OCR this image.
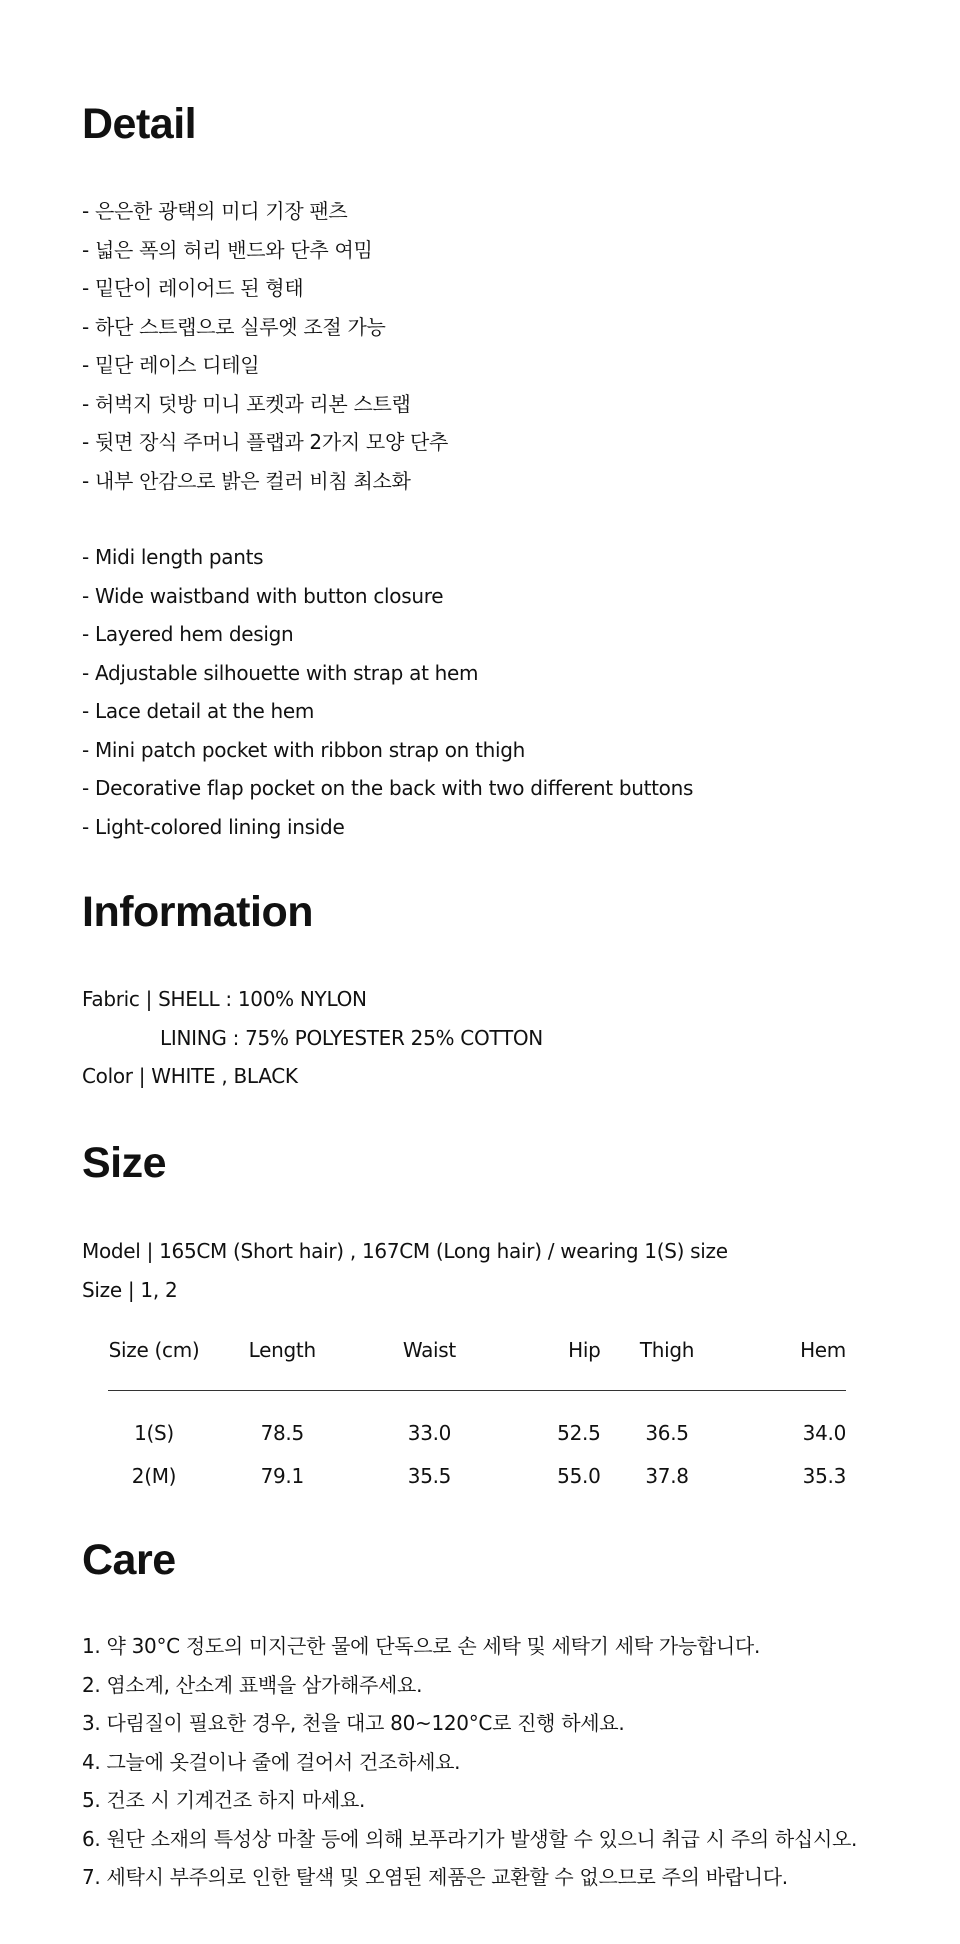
Detail
- 은은한 광택의 미디 기장 팬츠
- 넓은 폭의 허리 밴드와 단추 여밈
- 밑단이 레이어드 된 형태
- 하단 스트랩으로 실루엣 조절 가능
- 밑단 레이스 디테일
- 허벅지 덧방 미니 포켓과 리본 스트랩
- 뒷면 장식 주머니 플랩과 2가지 모양 단추
- 내부 안감으로 밝은 컬러 비침 최소화
- Midi length pants
- Wide waistband with button closure
- Layered hem design
- Adjustable silhouette with strap at hem
- Lace detail at the hem
- Mini patch pocket with ribbon strap on thigh
- Decorative flap pocket on the back with two different buttons
- Light-colored lining inside
Information
Fabric | SHELL : 100% NYLON
LINING : 75% POLYESTER 25% COTTON
Color | WHITE , BLACK
Size
Model | 165CM (Short hair) , 167CM (Long hair) / wearing 1(S) size
Size | 1, 2
Size (cm)	Length	Waist	Hip	Thigh	Hem
1(S)	78.5	33.0	52.5	36.5	34.0
2(M)	79.1	35.5	55.0	37.8	35.3
Care
1. 약 30°C 정도의 미지근한 물에 단독으로 손 세탁 및 세탁기 세탁 가능합니다.
2. 염소계, 산소계 표백을 삼가해주세요.
3. 다림질이 필요한 경우, 천을 대고 80~120°C로 진행 하세요.
4. 그늘에 옷걸이나 줄에 걸어서 건조하세요.
5. 건조 시 기계건조 하지 마세요.
6. 원단 소재의 특성상 마찰 등에 의해 보푸라기가 발생할 수 있으니 취급 시 주의 하십시오.
7. 세탁시 부주의로 인한 탈색 및 오염된 제품은 교환할 수 없으므로 주의 바랍니다.
